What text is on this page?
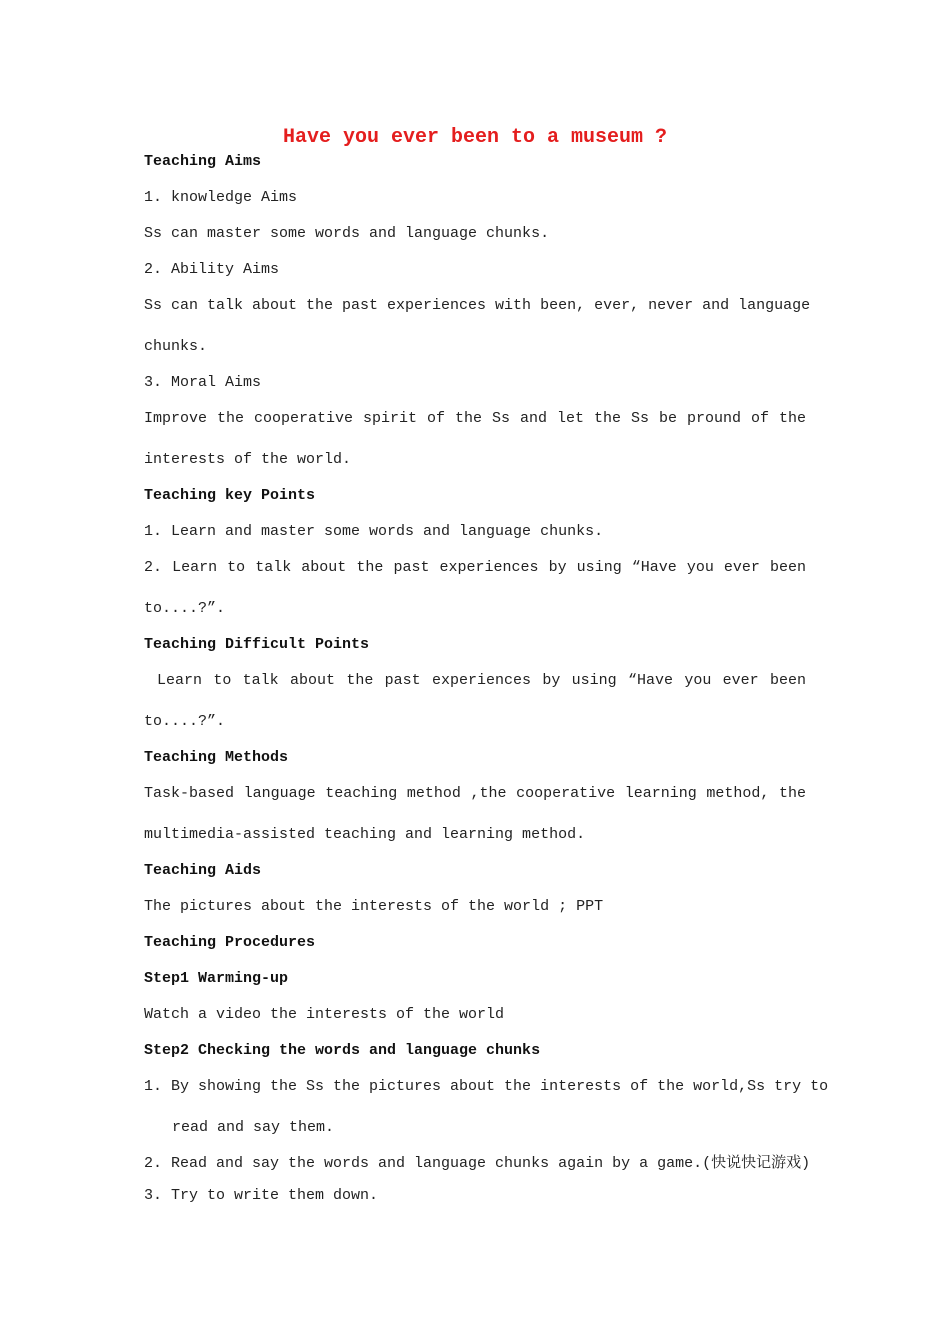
Have you ever been to a museum ?
Teaching Aims
1. knowledge Aims
Ss can master some words and language chunks.
2. Ability Aims
Ss can talk about the past experiences with been, ever, never and language
chunks.
3. Moral Aims
Improve the cooperative spirit of the Ss and let the Ss be pround of the
interests of the world.
Teaching key Points
1. Learn and master some words and language chunks.
2. Learn to talk about the past experiences by using “Have you ever been
to....?”.
Teaching Difficult Points
Learn to talk about the past experiences by using “Have you ever been
to....?”.
Teaching Methods
Task-based language teaching method ,the cooperative learning method, the
multimedia-assisted teaching and learning method.
Teaching Aids
The pictures about the interests of the world ; PPT
Teaching Procedures
Step1 Warming-up
Watch a video the interests of the world
Step2 Checking the words and language chunks
1. By showing the Ss the pictures about the interests of the world,Ss try to
read and say them.
2. Read and say the words and language chunks again by a game.(快说快记游戏)
3. Try to write them down.
